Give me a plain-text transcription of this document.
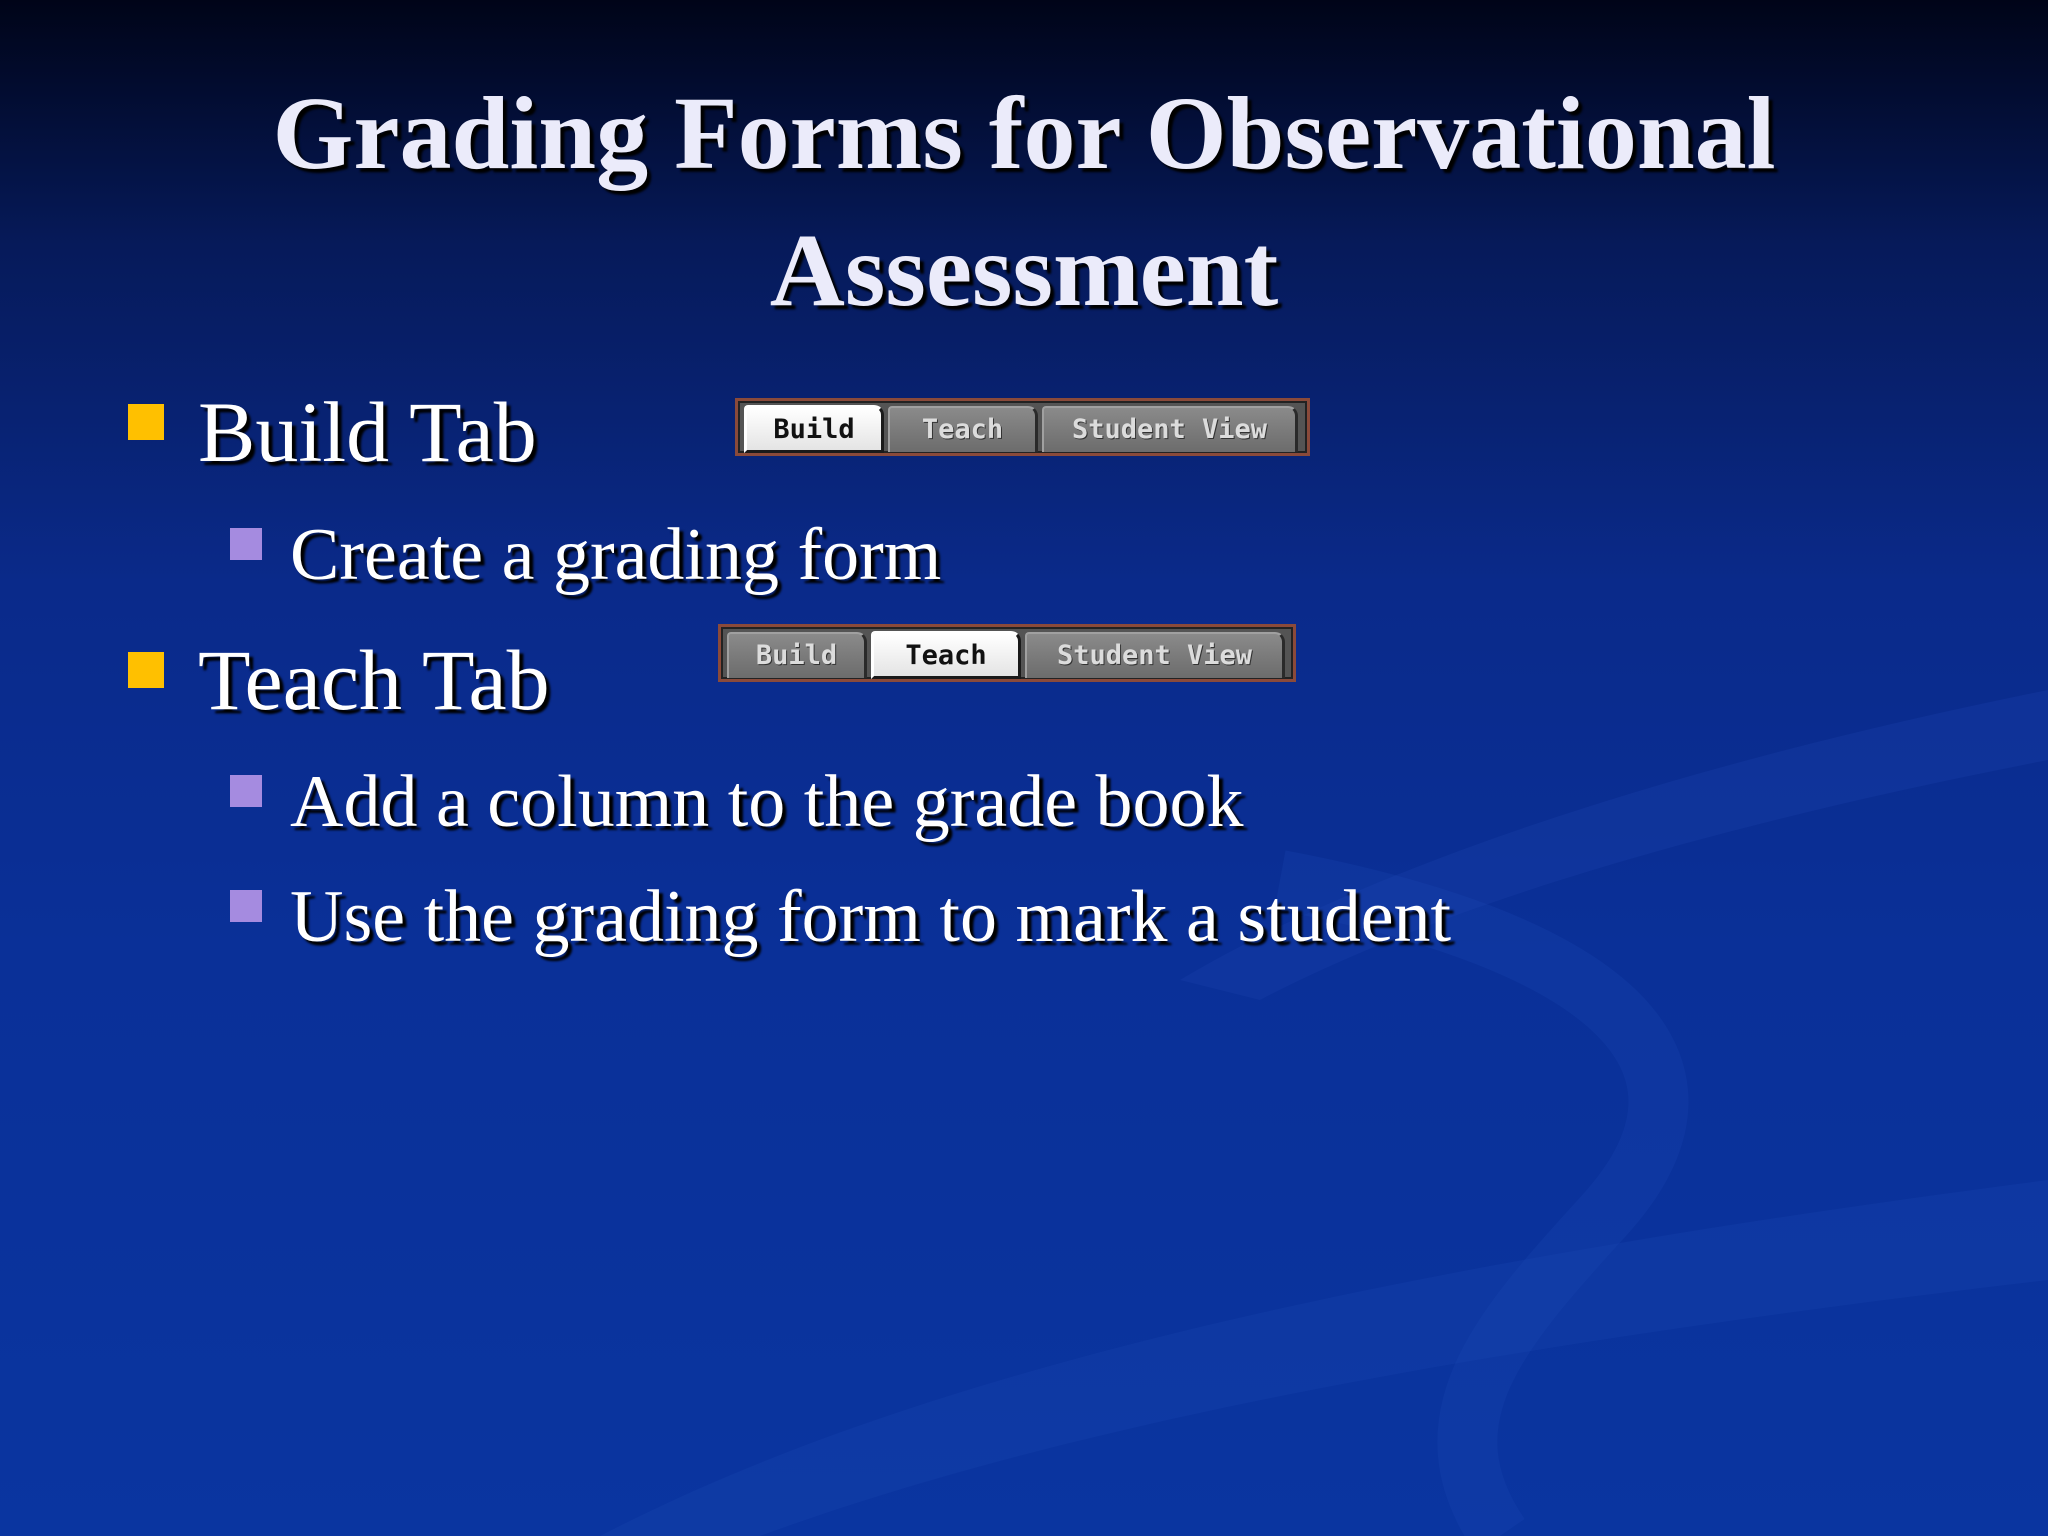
Grading Forms for Observational
Assessment
Build Tab	Build	Teach	Student View
Create a grading form
Teach Tab	Build	Teach	Student View
Add a column to the grade book
Use the grading form to mark a student
